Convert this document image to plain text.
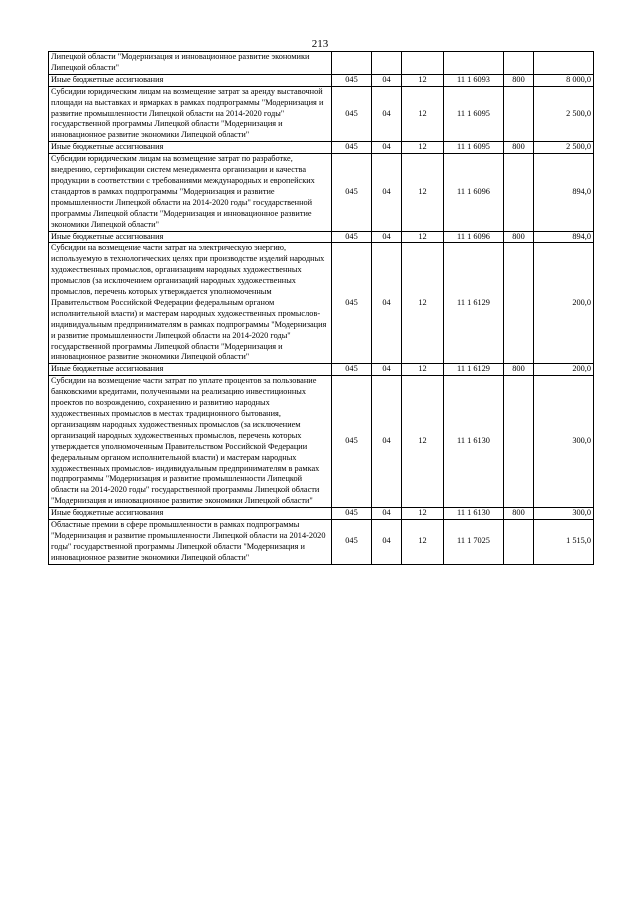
213
Липецкой области "Модернизация и инновационное развитие экономики Липецкой области"						
Иные бюджетные ассигнования	045	04	12	11 1 6093	800	8 000,0
Субсидии юридическим лицам на возмещение затрат за аренду выставочной площади на выставках и ярмарках в рамках подпрограммы "Модернизация и развитие промышленности Липецкой области на 2014-2020 годы" государственной программы Липецкой области "Модернизация и инновационное развитие экономики Липецкой области"	045	04	12	11 1 6095		2 500,0
Иные бюджетные ассигнования	045	04	12	11 1 6095	800	2 500,0
Субсидии юридическим лицам на возмещение затрат по разработке, внедрению, сертификации систем менеджмента организации и качества продукции в соответствии с требованиями международных и европейских стандартов в рамках подпрограммы "Модернизация и развитие промышленности Липецкой области на 2014-2020 годы" государственной программы Липецкой области "Модернизация и инновационное развитие экономики Липецкой области"	045	04	12	11 1 6096		894,0
Иные бюджетные ассигнования	045	04	12	11 1 6096	800	894,0
Субсидии на возмещение части затрат на электрическую энергию, используемую в технологических целях при производстве изделий народных художественных промыслов, организациям народных художественных промыслов (за исключением организаций народных художественных промыслов, перечень которых утверждается уполномоченным Правительством Российской Федерации федеральным органом исполнительной власти) и мастерам народных художественных промыслов- индивидуальным предпринимателям в рамках подпрограммы "Модернизация и развитие промышленности Липецкой области на 2014-2020 годы" государственной программы Липецкой области "Модернизация и инновационное развитие экономики Липецкой области"	045	04	12	11 1 6129		200,0
Иные бюджетные ассигнования	045	04	12	11 1 6129	800	200,0
Субсидии на возмещение части затрат по уплате процентов за пользование банковскими кредитами, полученными на реализацию инвестиционных проектов по возрождению, сохранению и развитию народных художественных промыслов в местах традиционного бытования, организациям народных художественных промыслов (за исключением организаций народных художественных промыслов, перечень которых утверждается уполномоченным Правительством Российской Федерации федеральным органом исполнительной власти) и мастерам народных художественных промыслов- индивидуальным предпринимателям в рамках подпрограммы "Модернизация и развитие промышленности Липецкой области на 2014-2020 годы" государственной программы Липецкой области "Модернизация и инновационное развитие экономики Липецкой области"	045	04	12	11 1 6130		300,0
Иные бюджетные ассигнования	045	04	12	11 1 6130	800	300,0
Областные премии в сфере промышленности в рамках подпрограммы "Модернизация и развитие промышленности Липецкой области на 2014-2020 годы" государственной программы Липецкой области "Модернизация и инновационное развитие экономики Липецкой области"	045	04	12	11 1 7025		1 515,0
